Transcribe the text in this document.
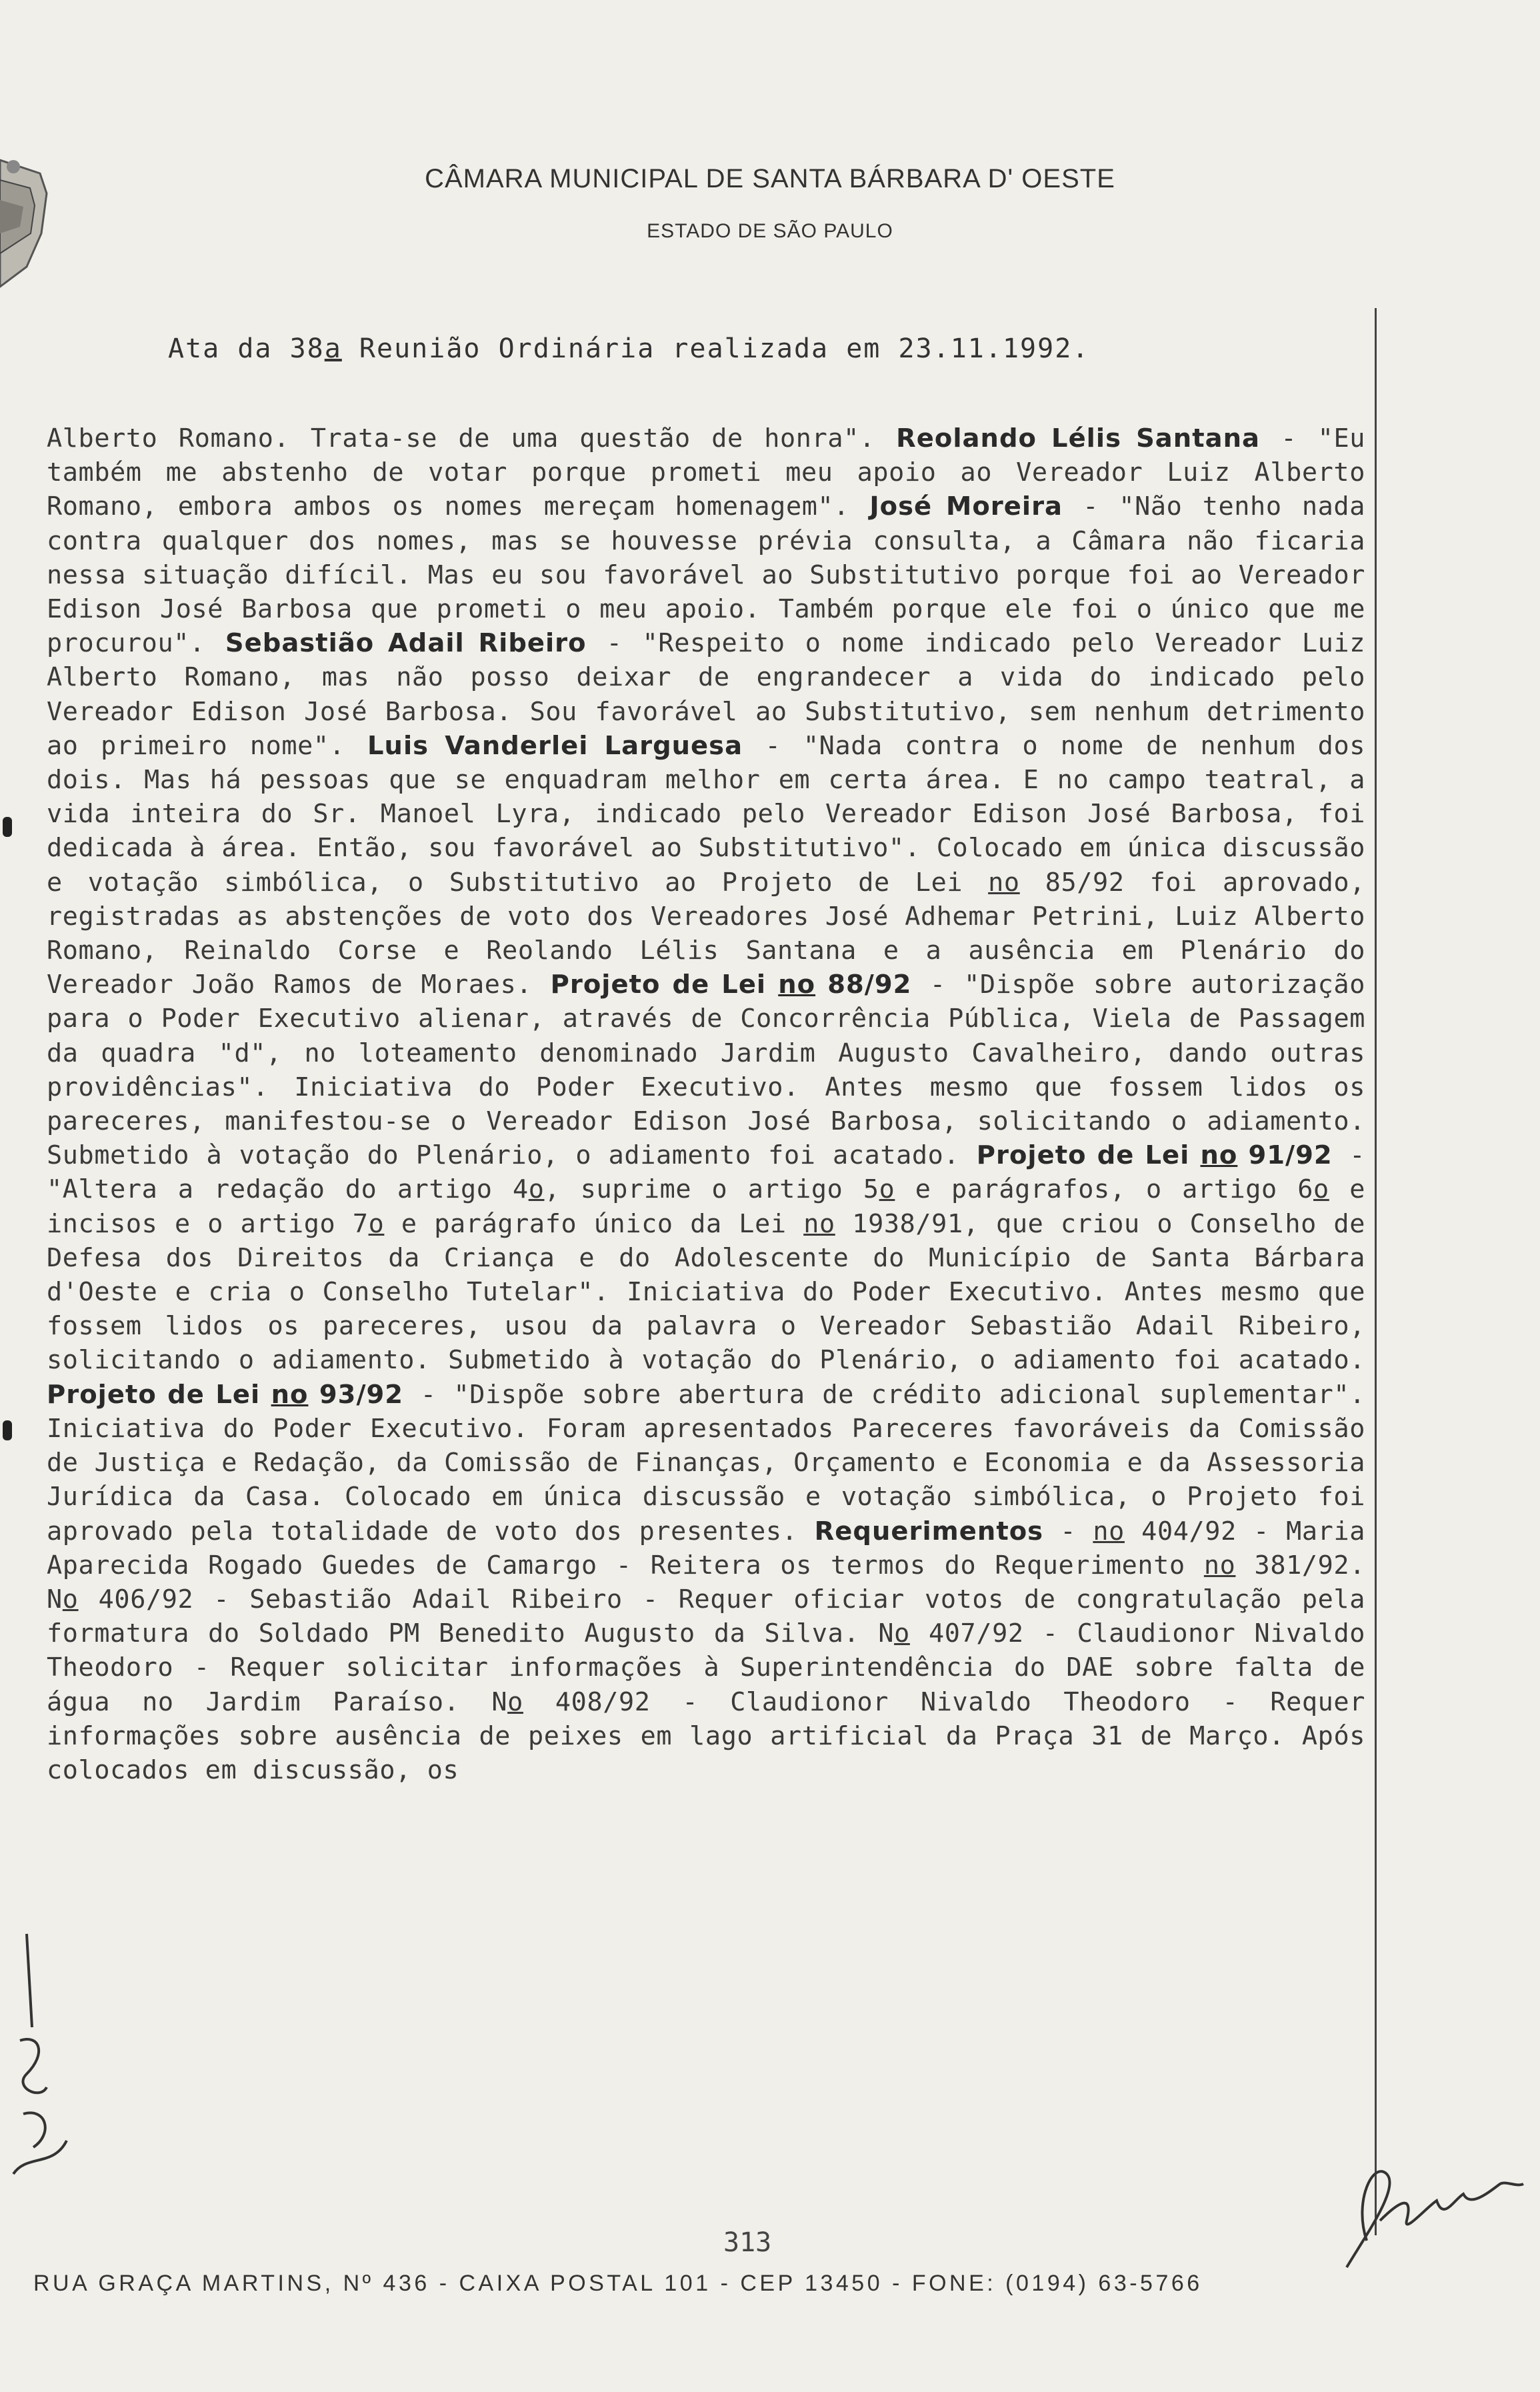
CÂMARA MUNICIPAL DE SANTA BÁRBARA D' OESTE
ESTADO DE SÃO PAULO
Ata da 38a Reunião Ordinária realizada em 23.11.1992.
Alberto Romano. Trata-se de uma questão de honra". Reolando Lélis Santana - "Eu também me abstenho de votar porque prometi meu apoio ao Vereador Luiz Alberto Romano, embora ambos os nomes mereçam homenagem". José Moreira - "Não tenho nada contra qualquer dos nomes, mas se houvesse prévia consulta, a Câmara não ficaria nessa situação difícil. Mas eu sou favorável ao Substitutivo porque foi ao Vereador Edison José Barbosa que prometi o meu apoio. Também porque ele foi o único que me procurou". Sebastião Adail Ribeiro - "Respeito o nome indicado pelo Vereador Luiz Alberto Romano, mas não posso deixar de engrandecer a vida do indicado pelo Vereador Edison José Barbosa. Sou favorável ao Substitutivo, sem nenhum detrimento ao primeiro nome". Luis Vanderlei Larguesa - "Nada contra o nome de nenhum dos dois. Mas há pessoas que se enquadram melhor em certa área. E no campo teatral, a vida inteira do Sr. Manoel Lyra, indicado pelo Vereador Edison José Barbosa, foi dedicada à área. Então, sou favorável ao Substitutivo". Colocado em única discussão e votação simbólica, o Substitutivo ao Projeto de Lei no 85/92 foi aprovado, registradas as abstenções de voto dos Vereadores José Adhemar Petrini, Luiz Alberto Romano, Reinaldo Corse e Reolando Lélis Santana e a ausência em Plenário do Vereador João Ramos de Moraes. Projeto de Lei no 88/92 - "Dispõe sobre autorização para o Poder Executivo alienar, através de Concorrência Pública, Viela de Passagem da quadra "d", no loteamento denominado Jardim Augusto Cavalheiro, dando outras providências". Iniciativa do Poder Executivo. Antes mesmo que fossem lidos os pareceres, manifestou-se o Vereador Edison José Barbosa, solicitando o adiamento. Submetido à votação do Plenário, o adiamento foi acatado. Projeto de Lei no 91/92 - "Altera a redação do artigo 4o, suprime o artigo 5o e parágrafos, o artigo 6o e incisos e o artigo 7o e parágrafo único da Lei no 1938/91, que criou o Conselho de Defesa dos Direitos da Criança e do Adolescente do Município de Santa Bárbara d'Oeste e cria o Conselho Tutelar". Iniciativa do Poder Executivo. Antes mesmo que fossem lidos os pareceres, usou da palavra o Vereador Sebastião Adail Ribeiro, solicitando o adiamento. Submetido à votação do Plenário, o adiamento foi acatado. Projeto de Lei no 93/92 - "Dispõe sobre abertura de crédito adicional suplementar". Iniciativa do Poder Executivo. Foram apresentados Pareceres favoráveis da Comissão de Justiça e Redação, da Comissão de Finanças, Orçamento e Economia e da Assessoria Jurídica da Casa. Colocado em única discussão e votação simbólica, o Projeto foi aprovado pela totalidade de voto dos presentes. Requerimentos - no 404/92 - Maria Aparecida Rogado Guedes de Camargo - Reitera os termos do Requerimento no 381/92. No 406/92 - Sebastião Adail Ribeiro - Requer oficiar votos de congratulação pela formatura do Soldado PM Benedito Augusto da Silva. No 407/92 - Claudionor Nivaldo Theodoro - Requer solicitar informações à Superintendência do DAE sobre falta de água no Jardim Paraíso. No 408/92 - Claudionor Nivaldo Theodoro - Requer informações sobre ausência de peixes em lago artificial da Praça 31 de Março. Após colocados em discussão, os
313
RUA GRAÇA MARTINS, Nº 436 - CAIXA POSTAL 101 - CEP 13450 - FONE: (0194) 63-5766
